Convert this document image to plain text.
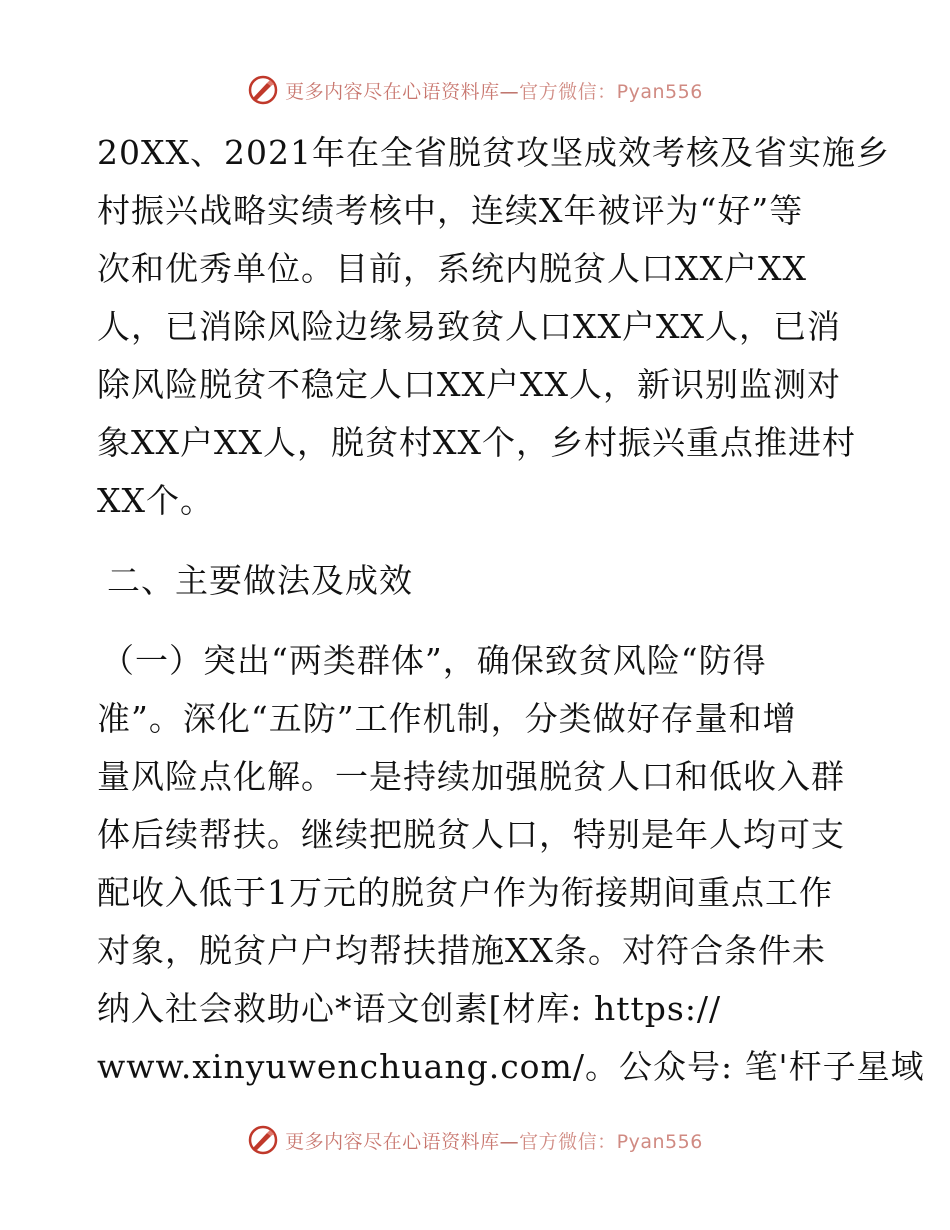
更多内容尽在心语资料库—官方微信：Pyan556
20XX、2021年在全省脱贫攻坚成效考核及省实施乡
村振兴战略实绩考核中，连续X年被评为“好”等
次和优秀单位。目前，系统内脱贫人口XX户XX
人，已消除风险边缘易致贫人口XX户XX人，已消
除风险脱贫不稳定人口XX户XX人，新识别监测对
象XX户XX人，脱贫村XX个，乡村振兴重点推进村
XX个。
二、主要做法及成效
（一）突出“两类群体”，确保致贫风险“防得
准”。深化“五防”工作机制，分类做好存量和增
量风险点化解。一是持续加强脱贫人口和低收入群
体后续帮扶。继续把脱贫人口，特别是年人均可支
配收入低于1万元的脱贫户作为衔接期间重点工作
对象，脱贫户户均帮扶措施XX条。对符合条件未
纳入社会救助心*语文创素[材库: https://
www.xinyuwenchuang.com/。公众号: 笔'杆子星域
更多内容尽在心语资料库—官方微信：Pyan556
